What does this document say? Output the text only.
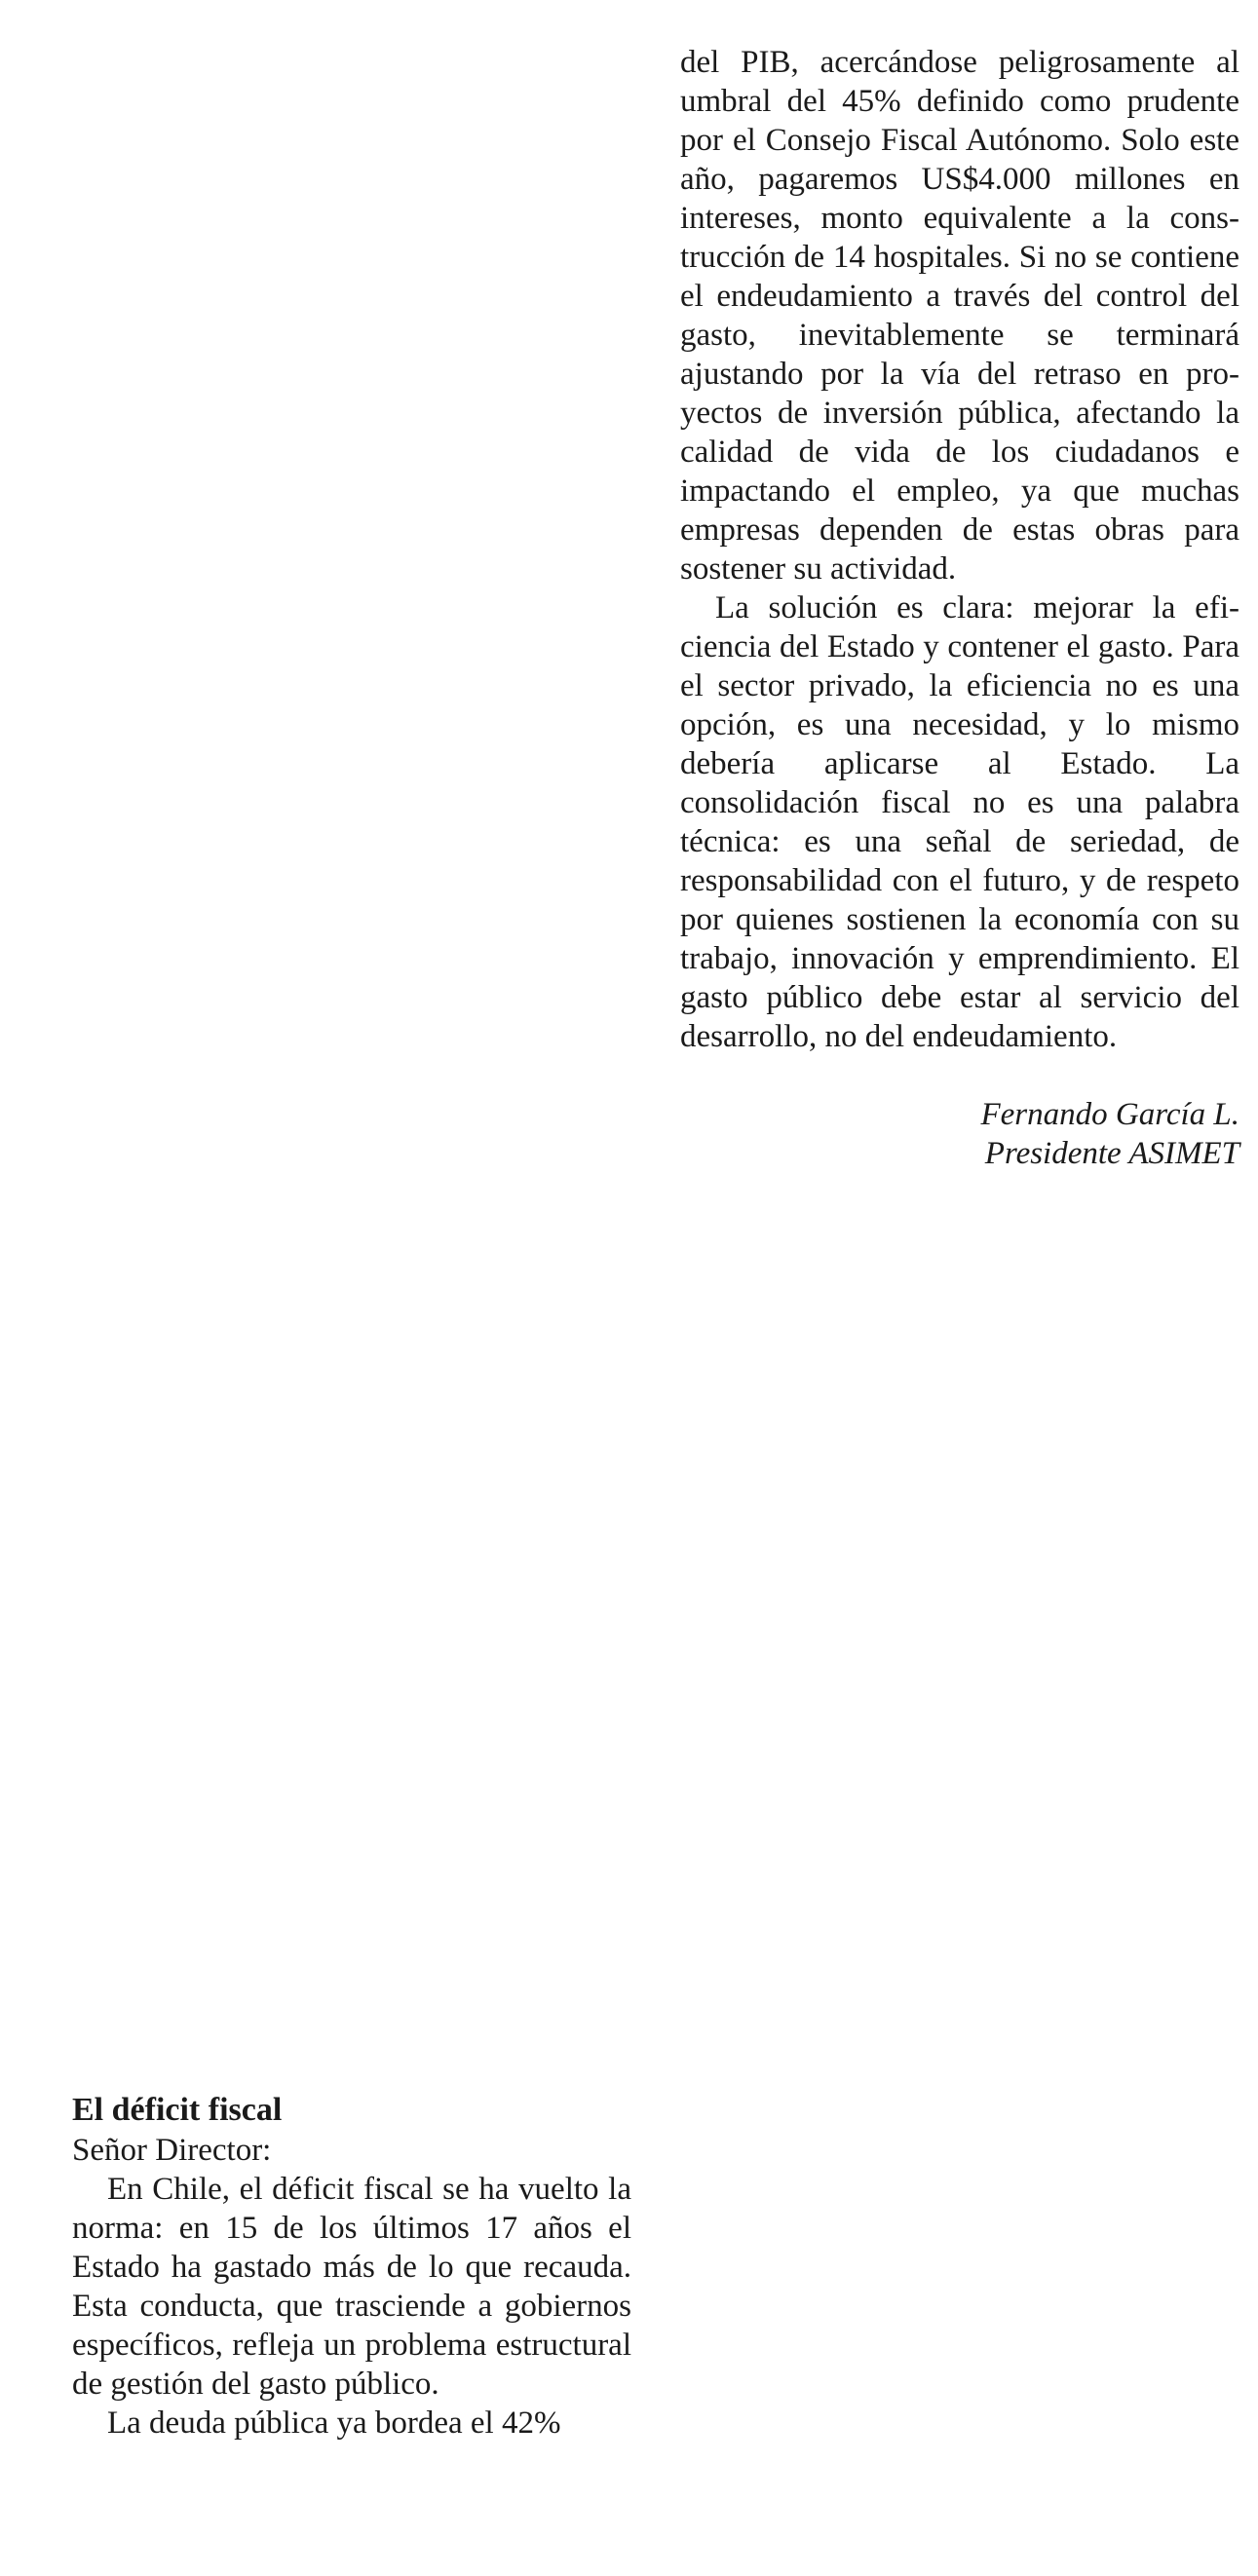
del PIB, acercándose peligrosamente al umbral del 45% definido como prudente por el Consejo Fiscal Autónomo. Solo este año, pagaremos US$4.000 millones en intereses, monto equivalente a la construcción de 14 hospitales. Si no se contiene el endeudamiento a través del control del gasto, inevitablemente se terminará ajustando por la vía del retraso en proyectos de inversión pública, afectando la calidad de vida de los ciudadanos e impactando el empleo, ya que muchas empresas dependen de estas obras para sostener su actividad.

La solución es clara: mejorar la eficiencia del Estado y contener el gasto. Para el sector privado, la eficiencia no es una opción, es una necesidad, y lo mismo debería aplicarse al Estado. La consolidación fiscal no es una palabra técnica: es una señal de seriedad, de responsabilidad con el futuro, y de respeto por quienes sostienen la economía con su trabajo, innovación y emprendimiento. El gasto público debe estar al servicio del desarrollo, no del endeudamiento.

Fernando García L.
Presidente ASIMET
El déficit fiscal

Señor Director:

En Chile, el déficit fiscal se ha vuelto la norma: en 15 de los últimos 17 años el Estado ha gastado más de lo que recauda. Esta conducta, que trasciende a gobiernos específicos, refleja un problema estructural de gestión del gasto público.

La deuda pública ya bordea el 42%
